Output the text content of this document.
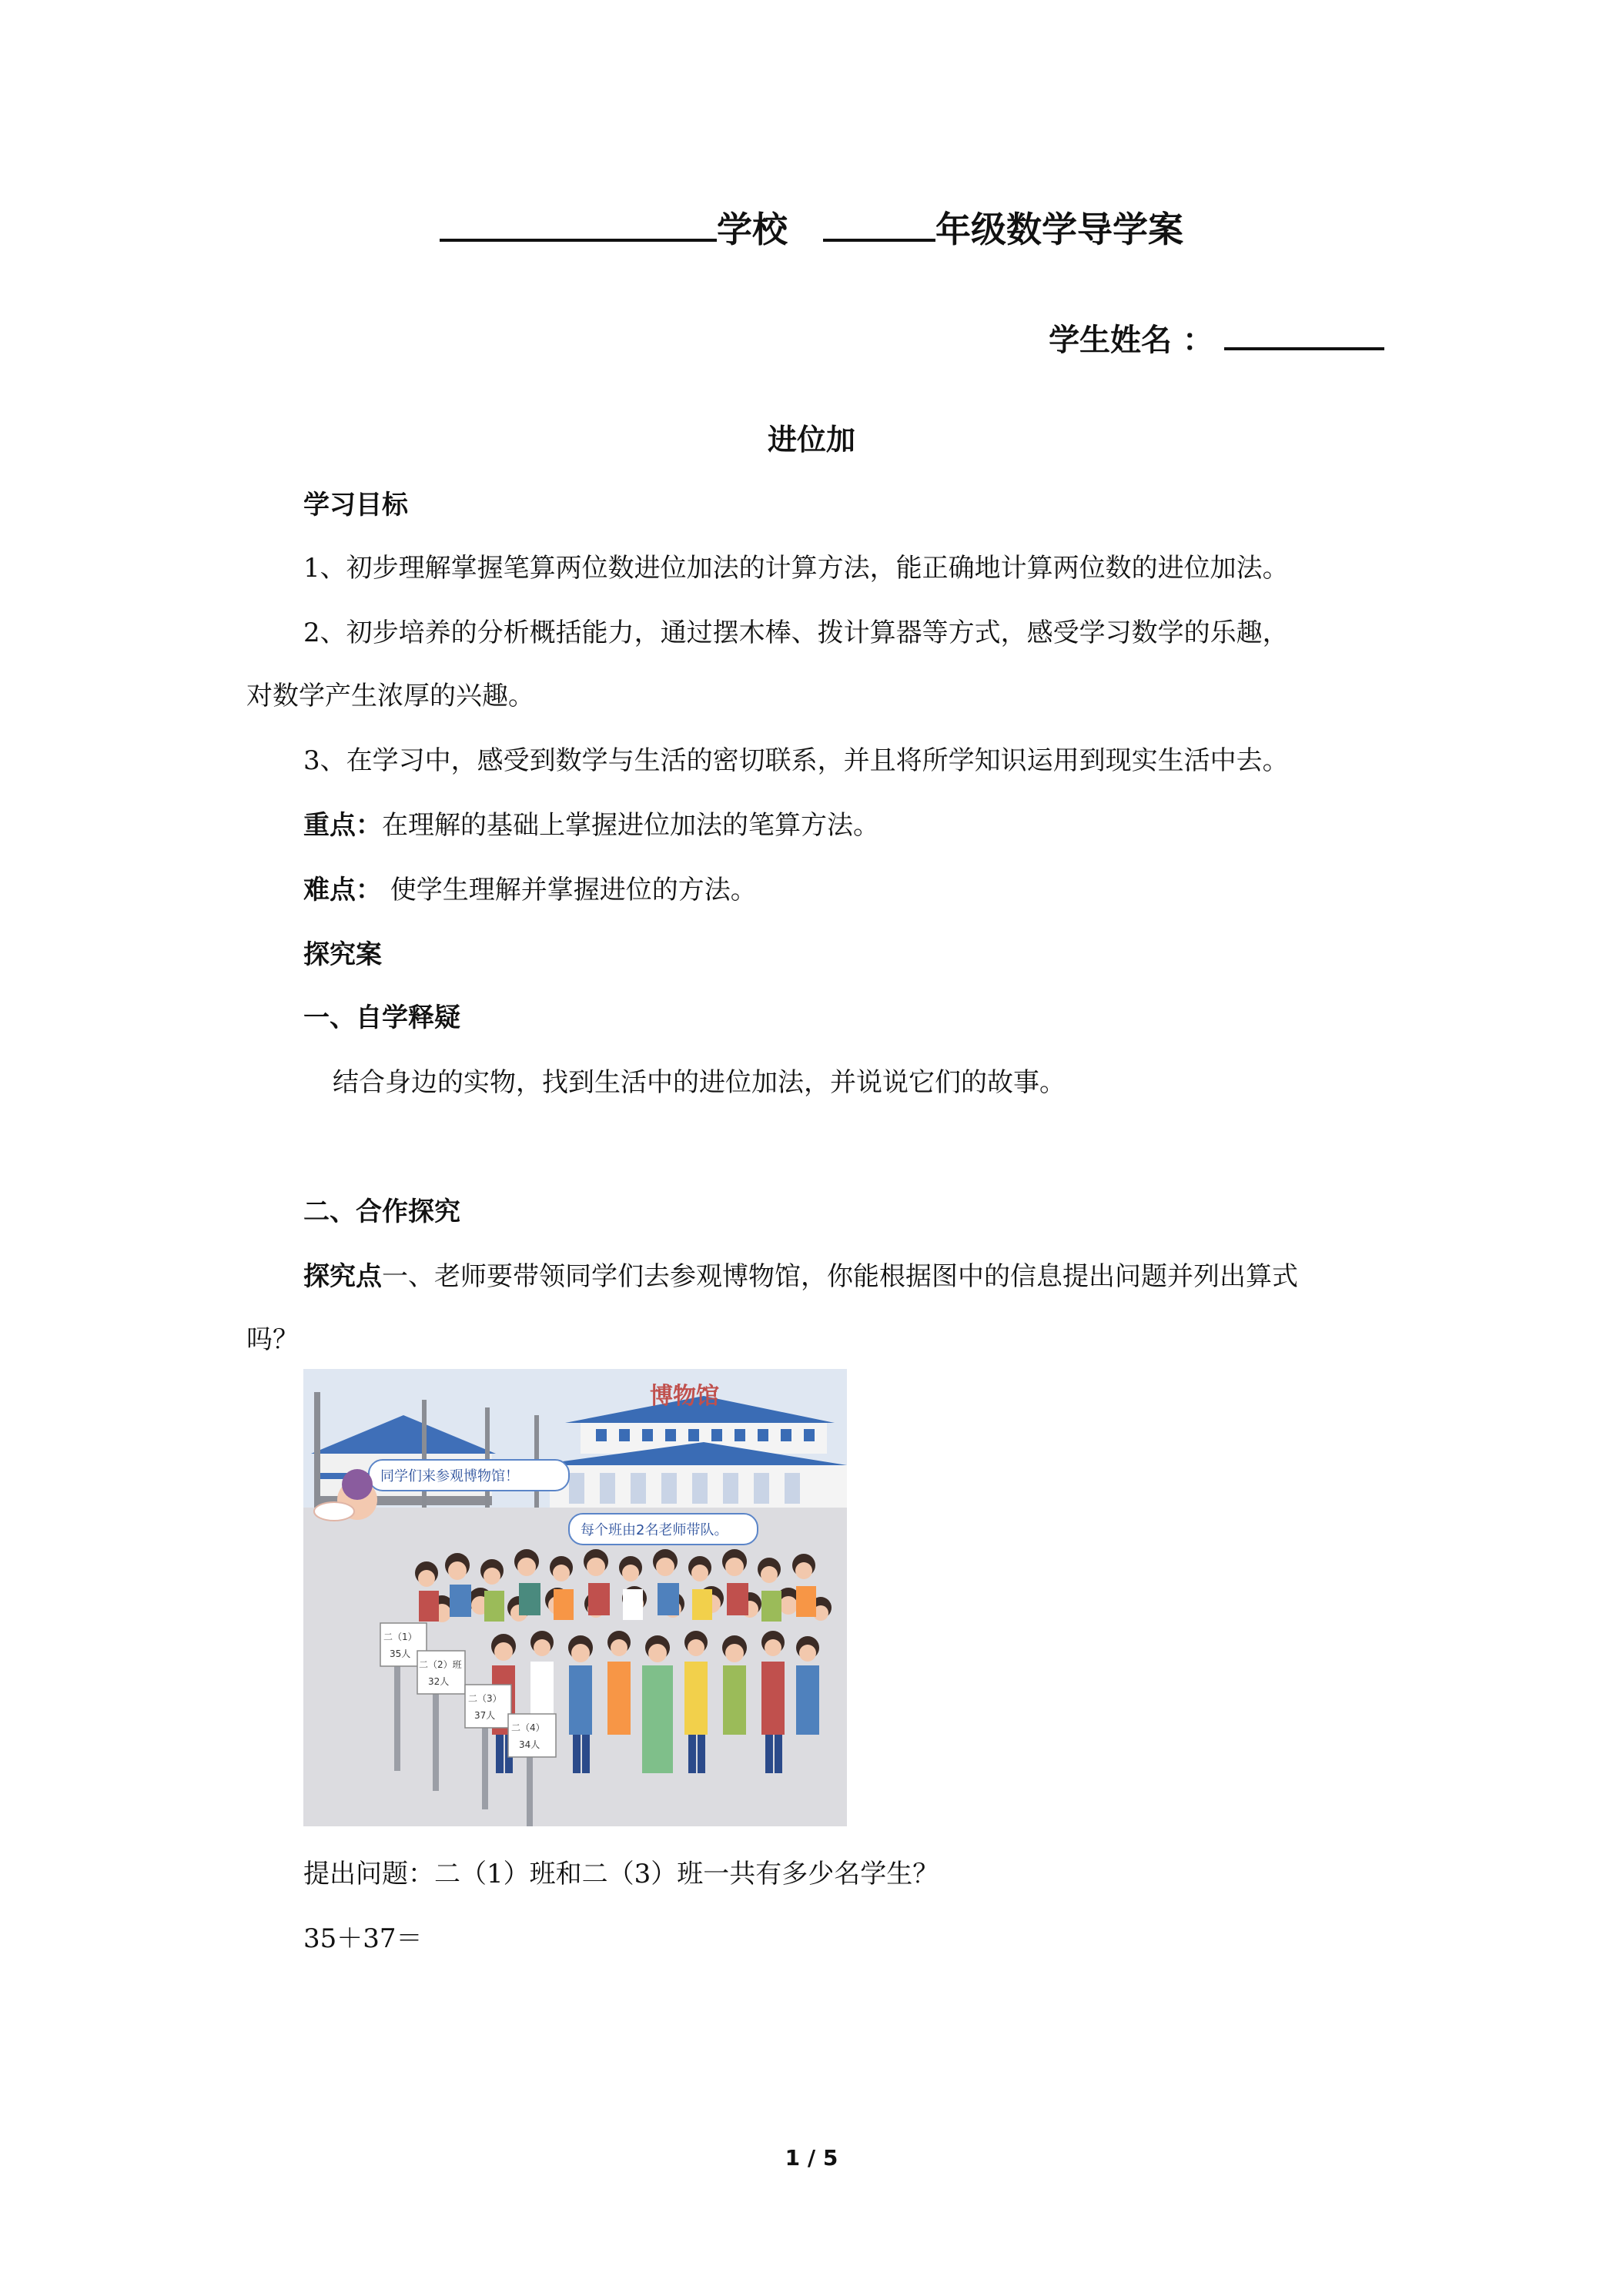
学校	年级数学导学案
学生姓名 ：
进位加
学习目标
1、初步理解掌握笔算两位数进位加法的计算方法，能正确地计算两位数的进位加法。
2、初步培养的分析概括能力，通过摆木棒、拨计算器等方式，感受学习数学的乐趣，
对数学产生浓厚的兴趣。
3、在学习中，感受到数学与生活的密切联系，并且将所学知识运用到现实生活中去。
重点：在理解的基础上掌握进位加法的笔算方法。
难点： 使学生理解并掌握进位的方法。
探究案
一、自学释疑
结合身边的实物，找到生活中的进位加法，并说说它们的故事。
二、合作探究
探究点一、老师要带领同学们去参观博物馆，你能根据图中的信息提出问题并列出算式
吗？
博物馆
同学们来参观博物馆！
每个班由2名老师带队。
二（1）
35人
二（2）班
32人
二（3）
37人
二（4）
34人
提出问题：二（1）班和二（3）班一共有多少名学生？
35＋37＝
1 / 5
